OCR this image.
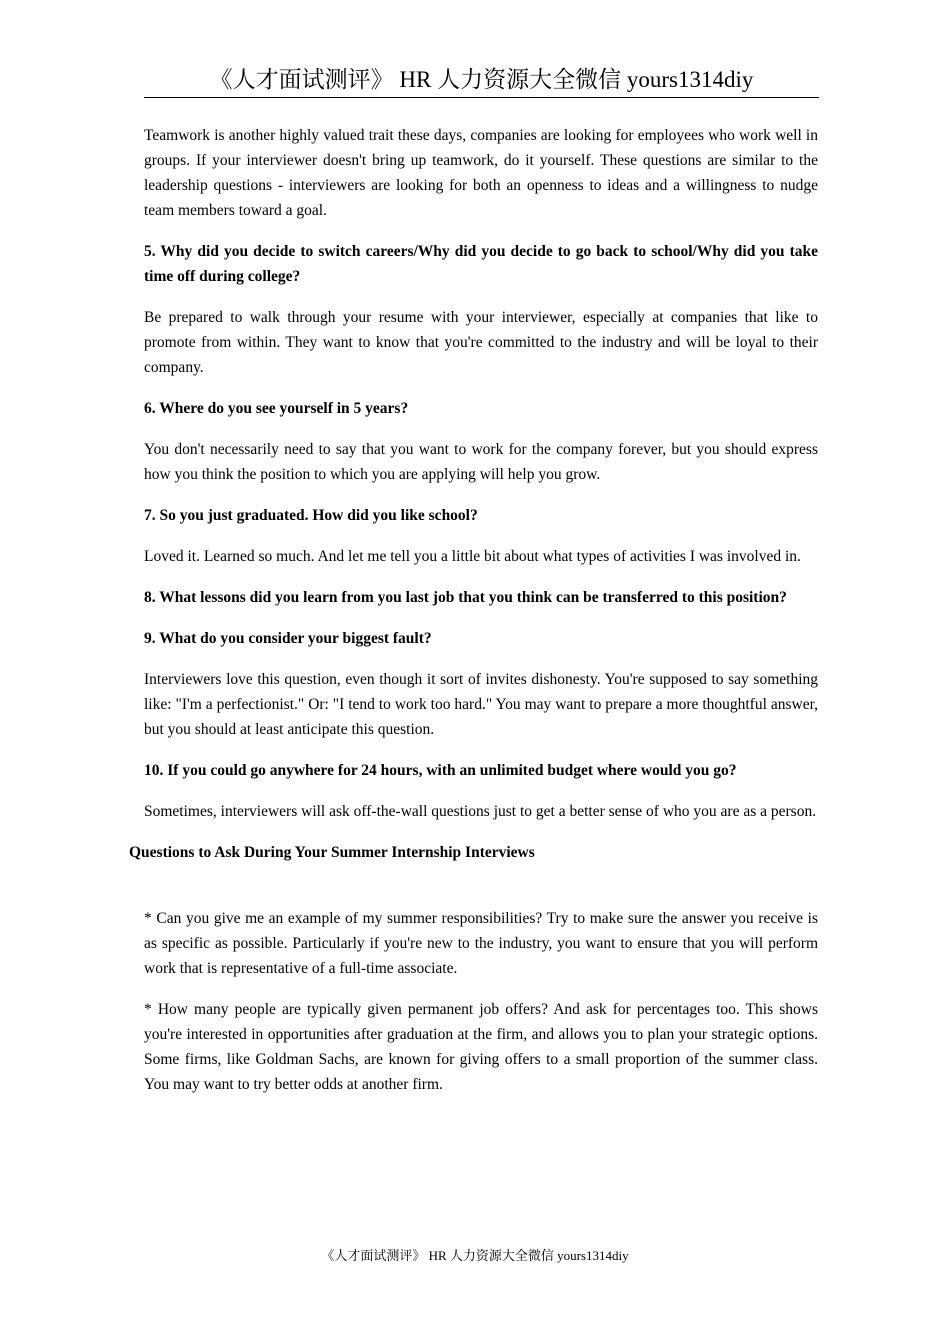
《人才面试测评》 HR 人力资源大全微信 yours1314diy

Teamwork is another highly valued trait these days, companies are looking for employees who work well in groups. If your interviewer doesn't bring up teamwork, do it yourself. These questions are similar to the leadership questions - interviewers are looking for both an openness to ideas and a willingness to nudge team members toward a goal.

5. Why did you decide to switch careers/Why did you decide to go back to school/Why did you take time off during college?

Be prepared to walk through your resume with your interviewer, especially at companies that like to promote from within. They want to know that you're committed to the industry and will be loyal to their company.

6. Where do you see yourself in 5 years?

You don't necessarily need to say that you want to work for the company forever, but you should express how you think the position to which you are applying will help you grow.

7. So you just graduated. How did you like school?

Loved it. Learned so much. And let me tell you a little bit about what types of activities I was involved in.

8. What lessons did you learn from you last job that you think can be transferred to this position?

9. What do you consider your biggest fault?

Interviewers love this question, even though it sort of invites dishonesty. You're supposed to say something like: "I'm a perfectionist." Or: "I tend to work too hard." You may want to prepare a more thoughtful answer, but you should at least anticipate this question.

10. If you could go anywhere for 24 hours, with an unlimited budget where would you go?

Sometimes, interviewers will ask off-the-wall questions just to get a better sense of who you are as a person.

Questions to Ask During Your Summer Internship Interviews

* Can you give me an example of my summer responsibilities? Try to make sure the answer you receive is as specific as possible. Particularly if you're new to the industry, you want to ensure that you will perform work that is representative of a full-time associate.

* How many people are typically given permanent job offers? And ask for percentages too. This shows you're interested in opportunities after graduation at the firm, and allows you to plan your strategic options. Some firms, like Goldman Sachs, are known for giving offers to a small proportion of the summer class. You may want to try better odds at another firm.

《人才面试测评》 HR 人力资源大全微信 yours1314diy
